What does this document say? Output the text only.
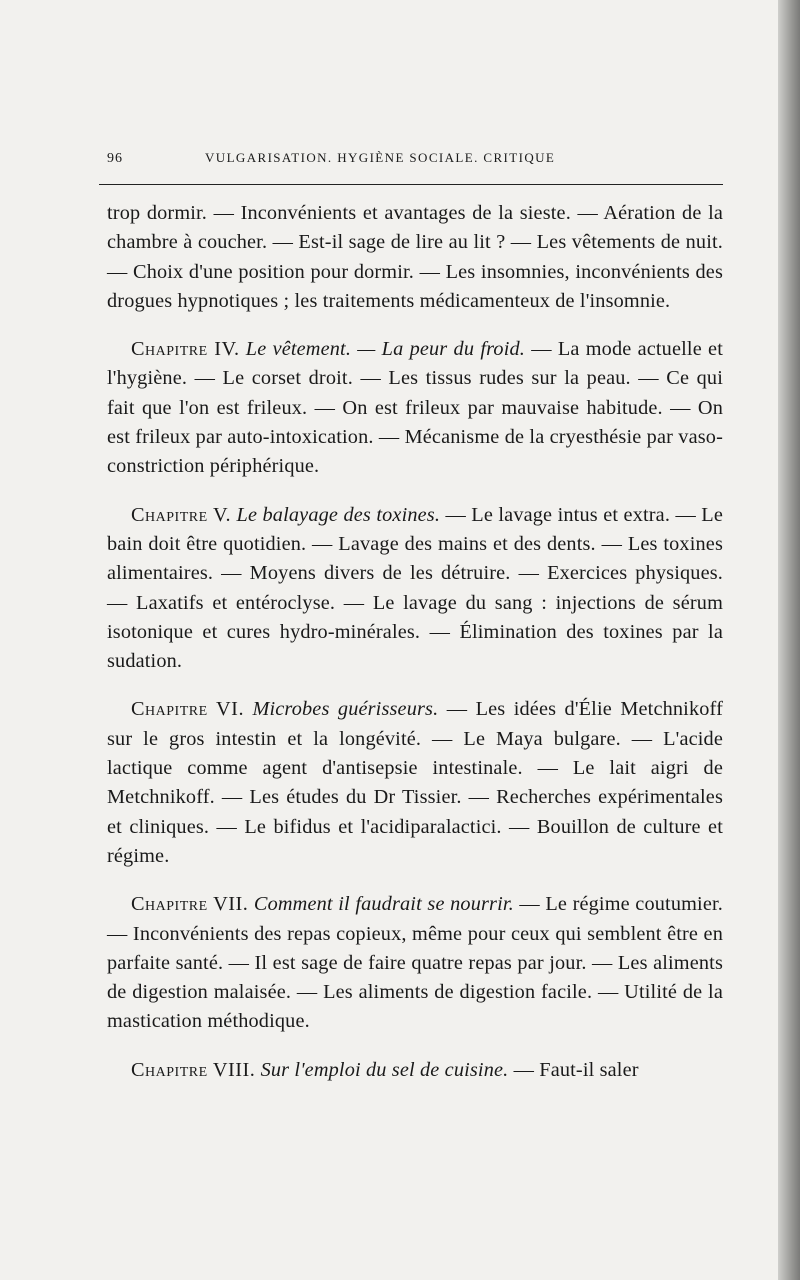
96	VULGARISATION. HYGIÈNE SOCIALE. CRITIQUE

trop dormir. — Inconvénients et avantages de la sieste. — Aération de la chambre à coucher. — Est-il sage de lire au lit ? — Les vêtements de nuit. — Choix d'une position pour dormir. — Les insomnies, inconvénients des drogues hypnotiques ; les traitements médicamenteux de l'insomnie.

Chapitre IV. Le vêtement. — La peur du froid. — La mode actuelle et l'hygiène. — Le corset droit. — Les tissus rudes sur la peau. — Ce qui fait que l'on est frileux. — On est frileux par mauvaise habitude. — On est frileux par auto-intoxication. — Mécanisme de la cryesthésie par vaso-constriction périphérique.

Chapitre V. Le balayage des toxines. — Le lavage intus et extra. — Le bain doit être quotidien. — Lavage des mains et des dents. — Les toxines alimentaires. — Moyens divers de les détruire. — Exercices physiques. — Laxatifs et entéroclyse. — Le lavage du sang : injections de sérum isotonique et cures hydro-minérales. — Élimination des toxines par la sudation.

Chapitre VI. Microbes guérisseurs. — Les idées d'Élie Metchnikoff sur le gros intestin et la longévité. — Le Maya bulgare. — L'acide lactique comme agent d'antisepsie intestinale. — Le lait aigri de Metchnikoff. — Les études du Dr Tissier. — Recherches expérimentales et cliniques. — Le bifidus et l'acidiparalactici. — Bouillon de culture et régime.

Chapitre VII. Comment il faudrait se nourrir. — Le régime coutumier. — Inconvénients des repas copieux, même pour ceux qui semblent être en parfaite santé. — Il est sage de faire quatre repas par jour. — Les aliments de digestion malaisée. — Les aliments de digestion facile. — Utilité de la mastication méthodique.

Chapitre VIII. Sur l'emploi du sel de cuisine. — Faut-il saler
